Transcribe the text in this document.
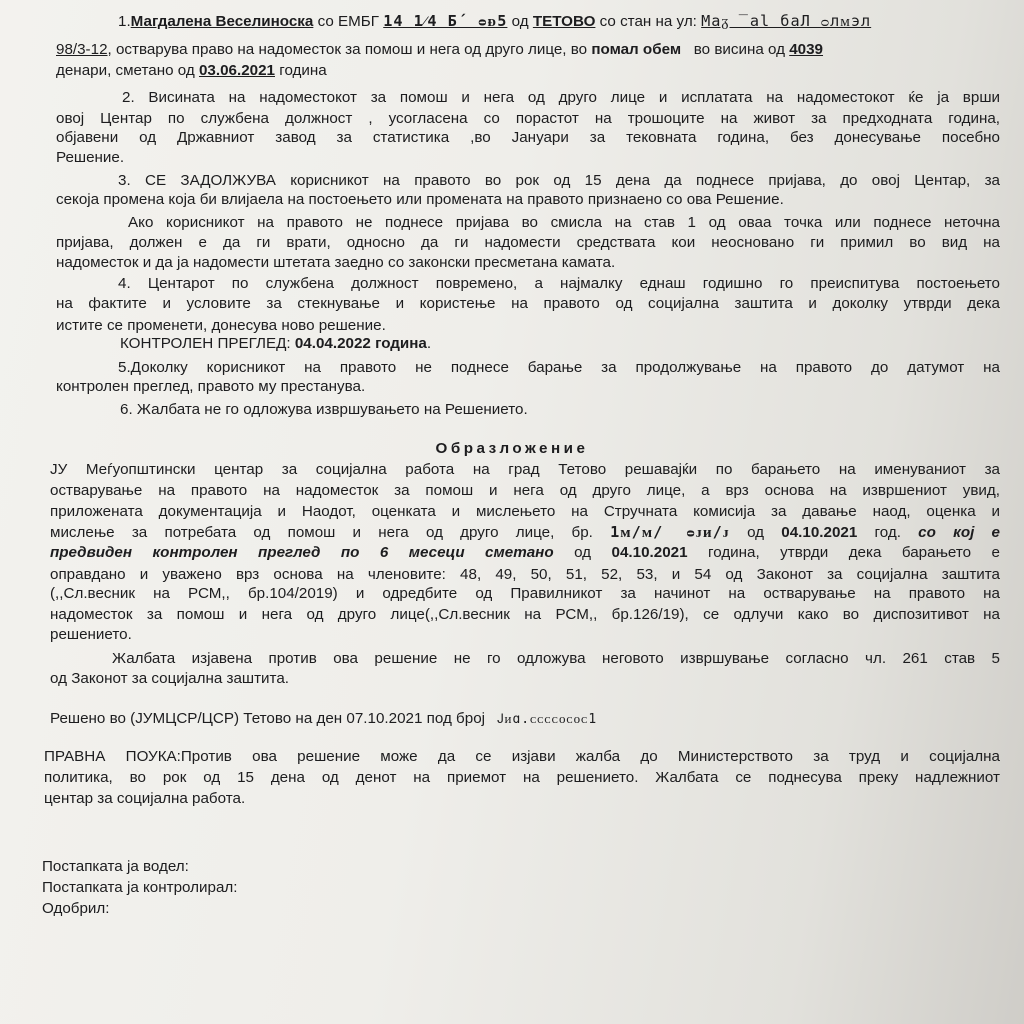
1.Магдалена Веселиноска со ЕМБГ 14 1⁄4 Б´ ᴑᴆ5 од ТЕТОВО со стан на ул: Маᵹ ̅ аl баЛ ᴑлᴍэл
98/3-12, остварува право на надоместок за помош и нега од друго лице, во помал обем во висина од 4039
денари, сметано од 03.06.2021 година
2. Висината на надоместокот за помош и нега од друго лице и исплатата на надоместокот ќе ја врши
овој Центар по службена должност , усогласена со порастот на трошоците на живот за предходната година,
објавени од Државниот завод за статистика ,во Јануари за тековната година, без донесување посебно
Решение.
3. СЕ ЗАДОЛЖУВА корисникот на правото во рок од 15 дена да поднесе пријава, до овој Центар, за
секоја промена која би влијаела на постоењето или промената на правото признаено со ова Решение.
Ако корисникот на правото не поднесе пријава во смисла на став 1 од оваа точка или поднесе неточна
пријава, должен е да ги врати, односно да ги надомести средствата кои неосновано ги примил во вид на
надоместок и да ја надомести штетата заедно со законски пресметана камата.
4. Центарот по службена должност повремено, а најмалку еднаш годишно го преиспитува постоењето
на фактите и условите за стекнување и користење на правото од социјална заштита и доколку утврди дека
истите се променети, донесува ново решение.
КОНТРОЛЕН ПРЕГЛЕД: 04.04.2022 година.
5.Доколку корисникот на правото не поднесе барање за продолжување на правото до датумот на
контролен преглед, правото му престанува.
6. Жалбата не го одложува извршувањето на Решението.
Образложение
ЈУ Меѓуопштински центар за социјална работа на град Тетово решавајќи по барањето на именуваниот за
остварување на правото на надоместок за помош и нега од друго лице, а врз основа на извршениот увид,
приложената документација и Наодот, оценката и мислењето на Стручната комисија за давање наод, оценка и
мислење за потребата од помош и нега од друго лице, бр. 1ᴍ/ᴍ/ ᴑᴊᴎ/ᴊ од 04.10.2021 год. со кој е
предвиден контролен преглед по 6 месеци сметано од 04.10.2021 година, утврди дека барањето е
оправдано и уважено врз основа на членовите: 48, 49, 50, 51, 52, 53, и 54 од Законот за социјална заштита
(,,Сл.весник на РСМ,, бр.104/2019) и одредбите од Правилникот за начинот на остварување на правото на
надоместок за помош и нега од друго лице(,,Сл.весник на РСМ,, бр.126/19), се одлучи како во диспозитивот на
решението.
Жалбата изјавена против ова решение не го одложува неговото извршување согласно чл. 261 став 5
од Законот за социјална заштита.
Решено во (ЈУМЦСР/ЦСР) Тетово на ден 07.10.2021 под број Ꭻᴎɑ.ᴄᴄᴄᴄᴏᴄᴏᴄ1
ПРАВНА ПОУКА:Против ова решение може да се изјави жалба до Министерството за труд и социјална
политика, во рок од 15 дена од денот на приемот на решението. Жалбата се поднесува преку надлежниот
центар за социјална работа.
Постапката ја водел:
Постапката ја контролирал:
Одобрил:
